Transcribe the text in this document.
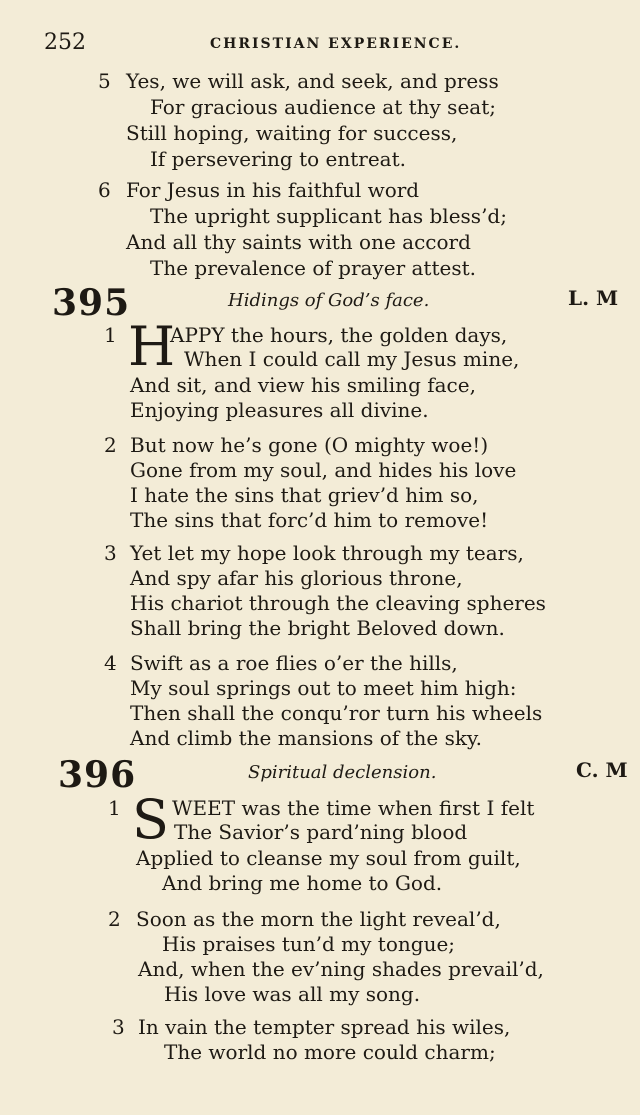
252	CHRISTIAN EXPERIENCE.
5 Yes, we will ask, and seek, and press
For gracious audience at thy seat;
Still hoping, waiting for success,
If persevering to entreat.
6 For Jesus in his faithful word
The upright supplicant has bless’d;
And all thy saints with one accord
The prevalence of prayer attest.
395	Hidings of God’s face.	L. M
1 H
APPY the hours, the golden days,
When I could call my Jesus mine,
And sit, and view his smiling face,
Enjoying pleasures all divine.
2 But now he’s gone (O mighty woe!)
Gone from my soul, and hides his love
I hate the sins that griev’d him so,
The sins that forc’d him to remove!
3 Yet let my hope look through my tears,
And spy afar his glorious throne,
His chariot through the cleaving spheres
Shall bring the bright Beloved down.
4 Swift as a roe flies o’er the hills,
My soul springs out to meet him high:
Then shall the conqu’ror turn his wheels
And climb the mansions of the sky.
396	Spiritual declension.	C. M
1 S WEET was the time when first I felt
The Savior’s pard’ning blood
Applied to cleanse my soul from guilt,
And bring me home to God.
2 Soon as the morn the light reveal’d,
His praises tun’d my tongue;
And, when the ev’ning shades prevail’d,
His love was all my song.
3 In vain the tempter spread his wiles,
The world no more could charm;
